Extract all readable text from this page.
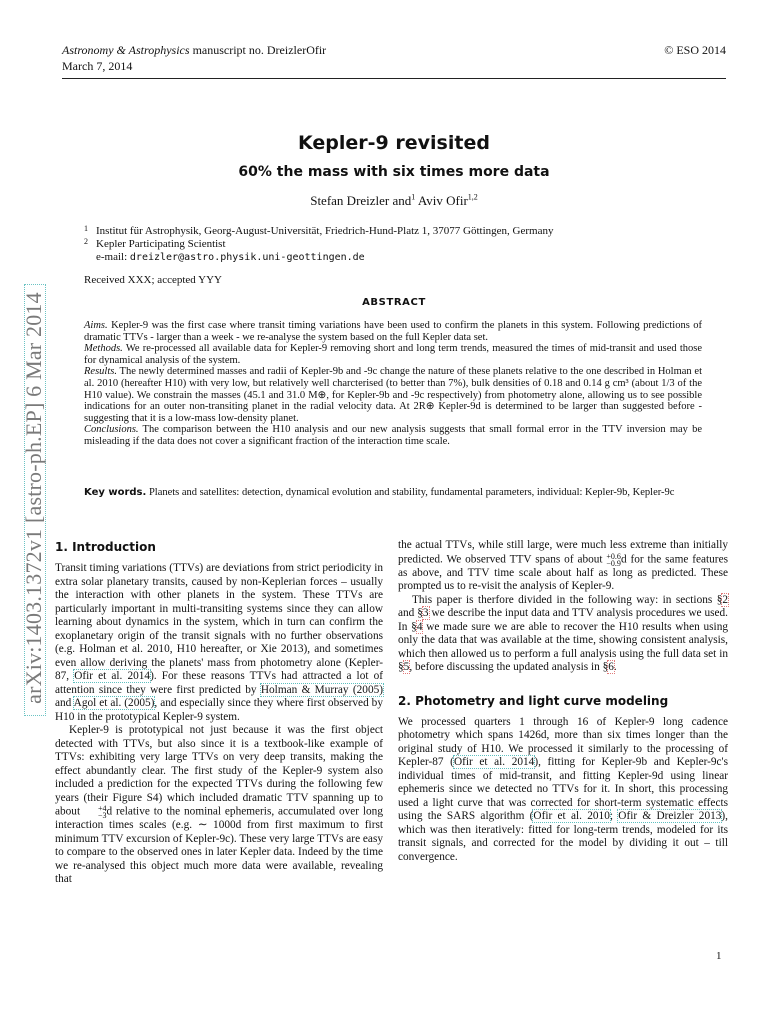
arXiv:1403.1372v1 [astro-ph.EP] 6 Mar 2014
Astronomy & Astrophysics manuscript no. DreizlerOfir
March 7, 2014
© ESO 2014
Kepler-9 revisited
60% the mass with six times more data
Stefan Dreizler and$^1$ Aviv Ofir$^{1,2}$
1 Institut für Astrophysik, Georg-August-Universität, Friedrich-Hund-Platz 1, 37077 Göttingen, Germany
2 Kepler Participating Scientist
e-mail: dreizler@astro.physik.uni-geottingen.de
Received XXX; accepted YYY
ABSTRACT

Aims. Kepler-9 was the first case where transit timing variations have been used to confirm the planets in this system. Following predictions of dramatic TTVs - larger than a week - we re-analyse the system based on the full Kepler data set.

Methods. We re-processed all available data for Kepler-9 removing short and long term trends, measured the times of mid-transit and used those for dynamical analysis of the system.

Results. The newly determined masses and radii of Kepler-9b and -9c change the nature of these planets relative to the one described in Holman et al. 2010 (hereafter H10) with very low, but relatively well charcterised (to better than 7%), bulk densities of 0.18 and 0.14 g cm³ (about 1/3 of the H10 value). We constrain the masses (45.1 and 31.0 M⊕, for Kepler-9b and -9c respectively) from photometry alone, allowing us to see possible indications for an outer non-transiting planet in the radial velocity data. At 2R⊕ Kepler-9d is determined to be larger than suggested before - suggesting that it is a low-mass low-density planet.

Conclusions. The comparison between the H10 analysis and our new analysis suggests that small formal error in the TTV inversion may be misleading if the data does not cover a significant fraction of the interaction time scale.

Key words. Planets and satellites: detection, dynamical evolution and stability, fundamental parameters, individual: Kepler-9b, Kepler-9c
1. Introduction

Transit timing variations (TTVs) are deviations from strict periodicity in extra solar planetary transits, caused by non-Keplerian forces – usually the interaction with other planets in the system. These TTVs are particularly important in multi-transiting systems since they can allow learning about dynamics in the system, which in turn can confirm the exoplanetary origin of the transit signals with no further observations (e.g. Holman et al. 2010, H10 hereafter, or Xie 2013), and sometimes even allow deriving the planets' mass from photometry alone (Kepler-87, Ofir et al. 2014). For these reasons TTVs had attracted a lot of attention since they were first predicted by Holman & Murray (2005) and Agol et al. (2005), and especially since they where first observed by H10 in the prototypical Kepler-9 system.

Kepler-9 is prototypical not just because it was the first object detected with TTVs, but also since it is a textbook-like example of TTVs: exhibiting very large TTVs on very deep transits, making the effect abundantly clear. The first study of the Kepler-9 system also included a prediction for the expected TTVs during the following few years (their Figure S4) which included dramatic TTV spanning up to about	+4
−3 d relative to the nominal ephemeris, accumulated over long interaction times scales (e.g. ∼ 1000d from first maximum to first minimum TTV excursion of Kepler-9c). These very large TTVs are easy to compare to the observed ones in later Kepler data. Indeed by the time we re-analysed this object much more data were available, revealing that

the actual TTVs, while still large, were much less extreme than initially predicted. We observed TTV spans of about +0.6
−0.9 d for the same features as above, and TTV time scale about half as long as predicted. These prompted us to re-visit the analysis of Kepler-9.

This paper is therfore divided in the following way: in sections §2 and §3 we describe the input data and TTV analysis procedures we used. In §4 we made sure we are able to recover the H10 results when using only the data that was available at the time, showing consistent analysis, which then allowed us to perform a full analysis using the full data set in §5, before discussing the updated analysis in §6.

2. Photometry and light curve modeling

We processed quarters 1 through 16 of Kepler-9 long cadence photometry which spans 1426d, more than six times longer than the original study of H10. We processed it similarly to the processing of Kepler-87 (Ofir et al. 2014), fitting for Kepler-9b and Kepler-9c's individual times of mid-transit, and fitting Kepler-9d using linear ephemeris since we detected no TTVs for it. In short, this processing used a light curve that was corrected for short-term systematic effects using the SARS algorithm (Ofir et al. 2010; Ofir & Dreizler 2013), which was then iteratively: fitted for long-term trends, modeled for its transit signals, and corrected for the model by dividing it out – till convergence.

1
